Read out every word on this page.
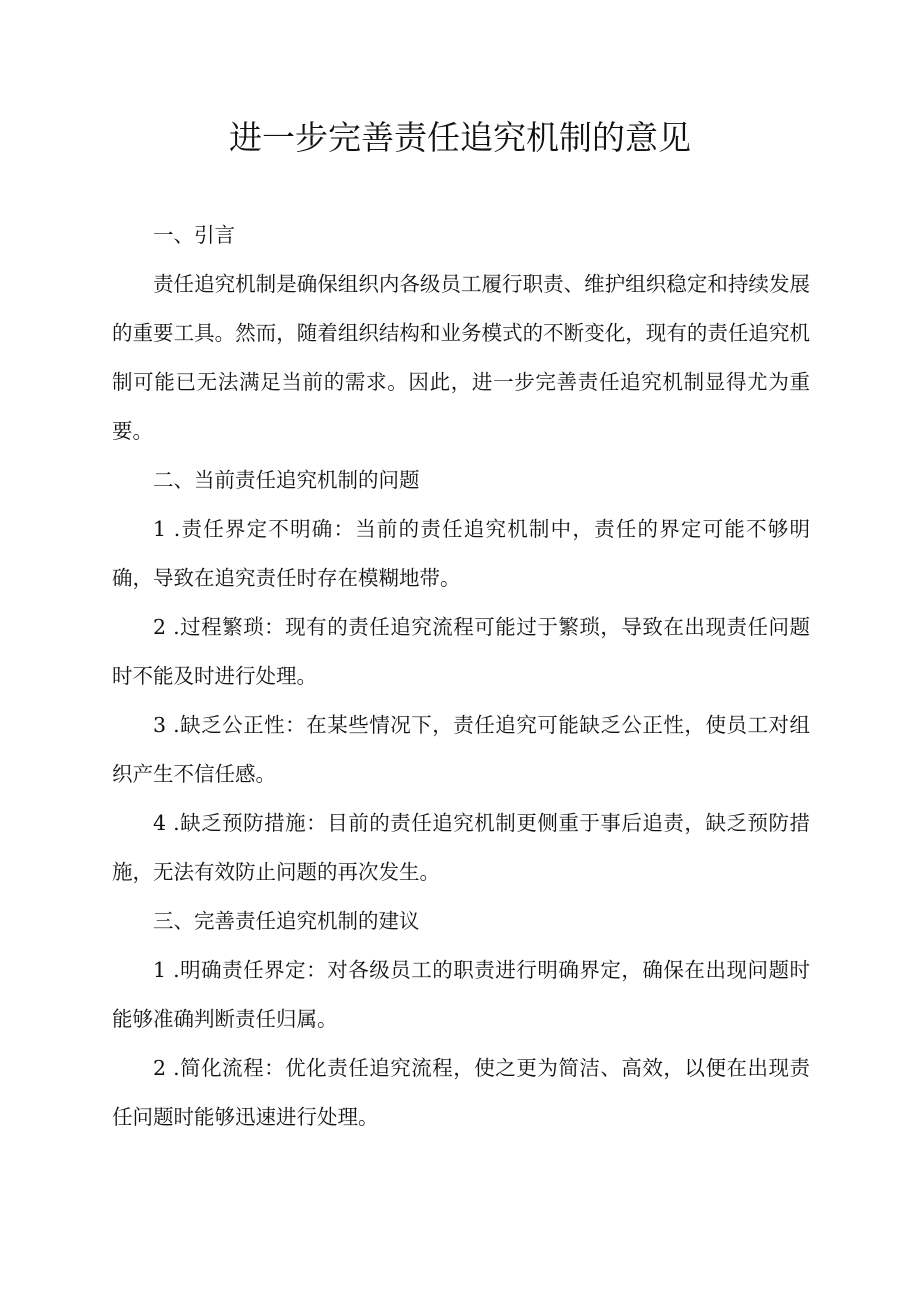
进一步完善责任追究机制的意见

一、引言

责任追究机制是确保组织内各级员工履行职责、维护组织稳定和持续发展的重要工具。然而，随着组织结构和业务模式的不断变化，现有的责任追究机制可能已无法满足当前的需求。因此，进一步完善责任追究机制显得尤为重要。

二、当前责任追究机制的问题

1 .责任界定不明确：当前的责任追究机制中，责任的界定可能不够明确，导致在追究责任时存在模糊地带。

2 .过程繁琐：现有的责任追究流程可能过于繁琐，导致在出现责任问题时不能及时进行处理。

3 .缺乏公正性：在某些情况下，责任追究可能缺乏公正性，使员工对组织产生不信任感。

4 .缺乏预防措施：目前的责任追究机制更侧重于事后追责，缺乏预防措施，无法有效防止问题的再次发生。

三、完善责任追究机制的建议

1 .明确责任界定：对各级员工的职责进行明确界定，确保在出现问题时能够准确判断责任归属。

2 .简化流程：优化责任追究流程，使之更为简洁、高效，以便在出现责任问题时能够迅速进行处理。
